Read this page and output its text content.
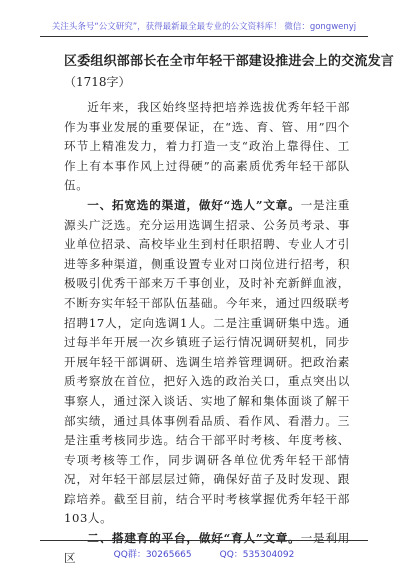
关注头条号“公文研究”，获得最新最全最专业的公文资料库！ 微信：gongwenyj
区委组织部部长在全市年轻干部建设推进会上的交流发言
（1718字）

近年来，我区始终坚持把培养选拔优秀年轻干部作为事业发展的重要保证，在“选、育、管、用”四个环节上精准发力，着力打造一支“政治上靠得住、工作上有本事作风上过得硬”的高素质优秀年轻干部队伍。

一、拓宽选的渠道，做好“选人”文章。一是注重源头广泛选。充分运用选调生招录、公务员考录、事业单位招录、高校毕业生到村任职招聘、专业人才引进等多种渠道，侧重设置专业对口岗位进行招考，积极吸引优秀干部来万千事创业，及时补充新鲜血液，不断夯实年轻干部队伍基础。今年来，通过四级联考招聘17人，定向选调1人。二是注重调研集中选。通过每半年开展一次乡镇班子运行情况调研契机，同步开展年轻干部调研、选调生培养管理调研。把政治素质考察放在首位，把好入选的政治关口，重点突出以事察人，通过深入谈话、实地了解和集体面谈了解干部实绩，通过具体事例看品质、看作风、看潜力。三是注重考核同步选。结合干部平时考核、年度考核、专项考核等工作，同步调研各单位优秀年轻干部情况，对年轻干部层层过筛，确保好苗子及时发现、跟踪培养。截至目前，结合平时考核掌握优秀年轻干部103人。

二、搭建育的平台，做好“育人”文章。一是利用区	QQ群：30265665	QQ：535304092
